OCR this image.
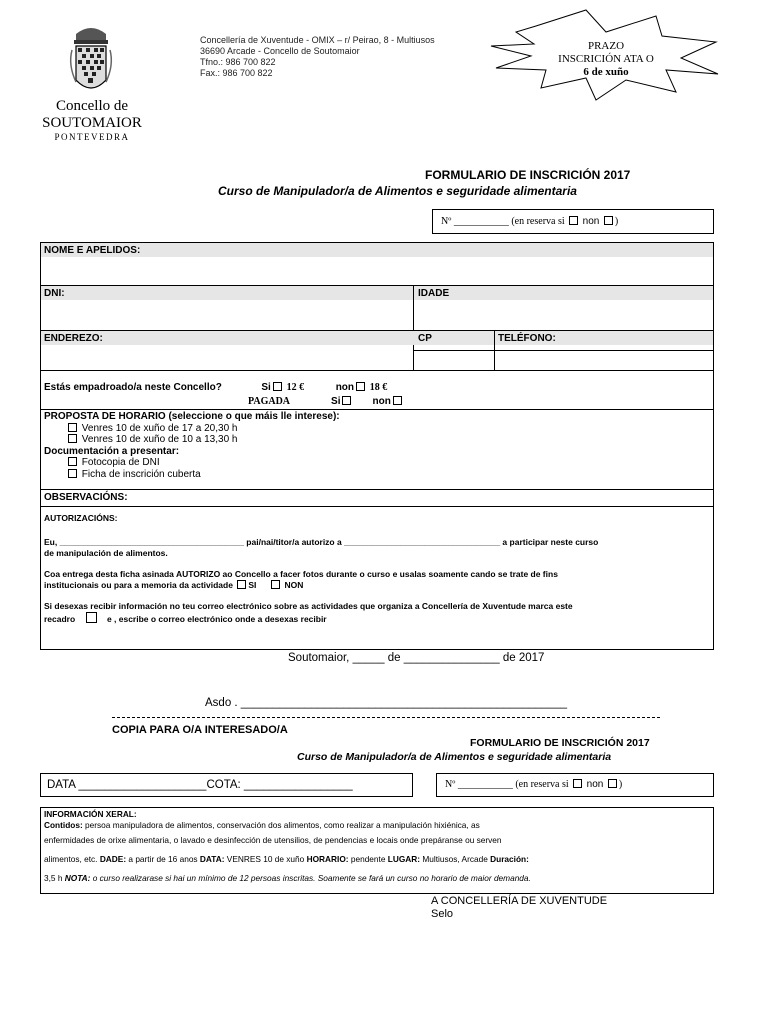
Concello de
SOUTOMAIOR
PONTEVEDRA
Concellería de Xuventude - OMIX – r/ Peirao, 8 - Multiusos
36690 Arcade - Concello de Soutomaior
Tfno.: 986 700 822
Fax.: 986 700 822
PRAZO
INSCRICIÓN ATA O
6 de xuño
FORMULARIO DE INSCRICIÓN 2017
Curso de Manipulador/a de Alimentos e seguridade alimentaria
Nº ___________ (en reserva si non )
NOME E APELIDOS:
DNI:	IDADE
ENDEREZO:	CP	TELÉFONO:
Estás empadroado/a neste Concello?	Si 12 €	non 18 €
PAGADA	Si	non
PROPOSTA DE HORARIO (seleccione o que máis lle interese):
Venres 10 de xuño de 17 a 20,30 h
Venres 10 de xuño de 10 a 13,30 h
Documentación a presentar:
Fotocopia de DNI
Ficha de inscrición cuberta
OBSERVACIÓNS:
AUTORIZACIÓNS:
Eu, _______________________________________ pai/nai/titor/a autorizo a _________________________________ a participar neste curso
de manipulación de alimentos.
Coa entrega desta ficha asinada AUTORIZO ao Concello a facer fotos durante o curso e usalas soamente cando se trate de fins
institucionais ou para a memoria da actividade SI	NON
Si desexas recibir información no teu correo electrónico sobre as actividades que organiza a Concellería de Xuventude marca este
recadro	e , escribe o correo electrónico onde a desexas recibir
Soutomaior, _____ de _______________ de 2017
Asdo . ___________________________________________________
COPIA PARA O/A INTERESADO/A
FORMULARIO DE INSCRICIÓN 2017
Curso de Manipulador/a de Alimentos e seguridade alimentaria
DATA ____________________COTA: _________________	Nº ___________ (en reserva si non )
INFORMACIÓN XERAL:
Contidos: persoa manipuladora de alimentos, conservación dos alimentos, como realizar a manipulación hixiénica, as
enfermidades de orixe alimentaria, o lavado e desinfección de utensilios, de pendencias e locais onde prepáranse ou serven
alimentos, etc. DADE: a partir de 16 anos DATA: VENRES 10 de xuño HORARIO: pendente LUGAR: Multiusos, Arcade Duración:
3,5 h NOTA: o curso realizarase si hai un mínimo de 12 persoas inscritas. Soamente se fará un curso no horario de maior demanda.
A CONCELLERÍA DE XUVENTUDE
Selo
